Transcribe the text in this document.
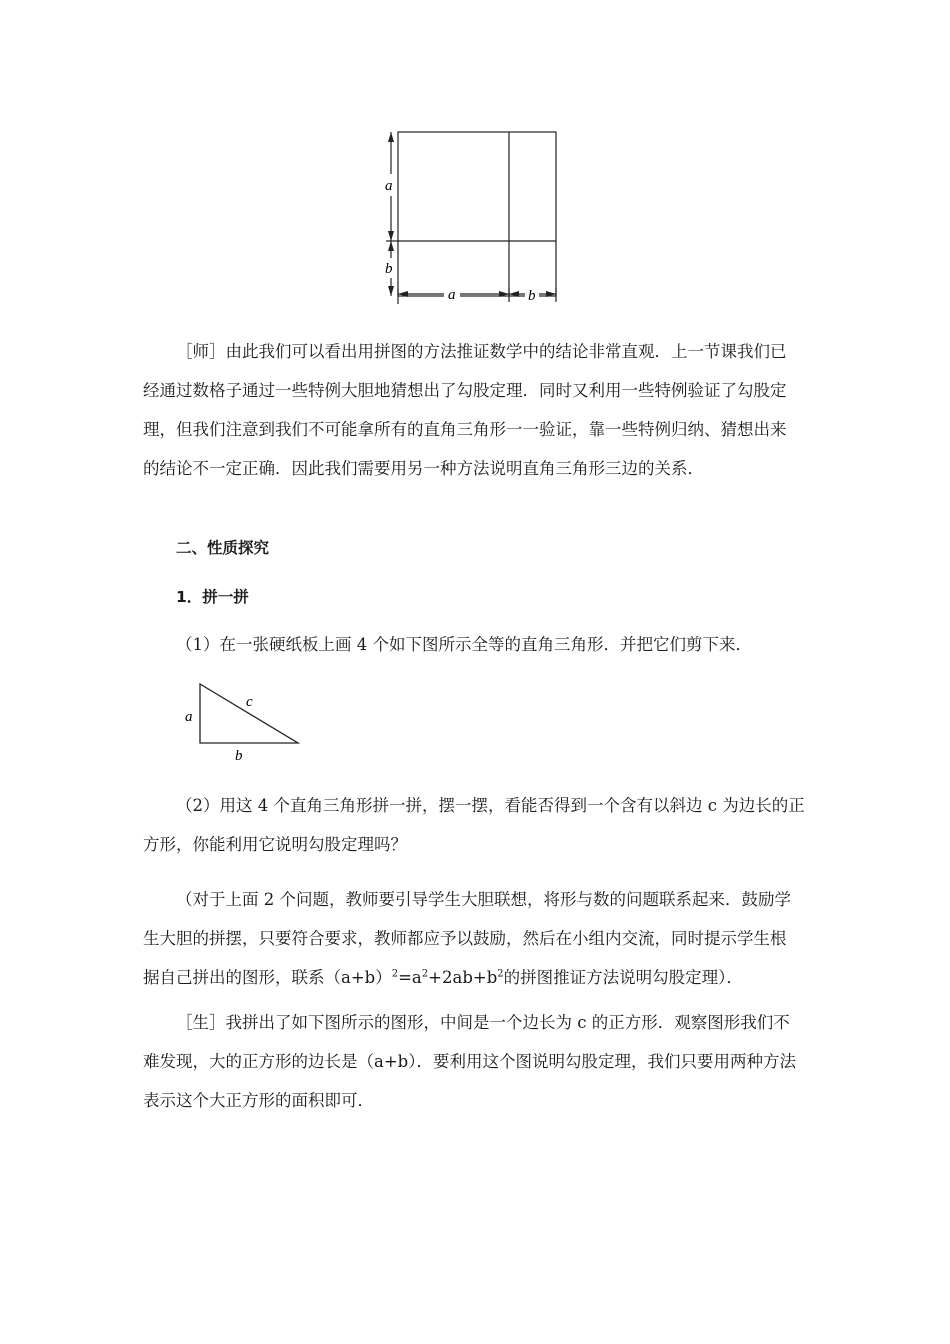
a
b
a	b

［师］由此我们可以看出用拼图的方法推证数学中的结论非常直观．上一节课我们已
经通过数格子通过一些特例大胆地猜想出了勾股定理．同时又利用一些特例验证了勾股定
理，但我们注意到我们不可能拿所有的直角三角形一一验证，靠一些特例归纳、猜想出来
的结论不一定正确．因此我们需要用另一种方法说明直角三角形三边的关系．

二、性质探究
1．拼一拼

（1）在一张硬纸板上画 4 个如下图所示全等的直角三角形．并把它们剪下来．

a
c
b

（2）用这 4 个直角三角形拼一拼，摆一摆，看能否得到一个含有以斜边 c 为边长的正
方形，你能利用它说明勾股定理吗？

（对于上面 2 个问题，教师要引导学生大胆联想，将形与数的问题联系起来．鼓励学
生大胆的拼摆，只要符合要求，教师都应予以鼓励，然后在小组内交流，同时提示学生根
据自己拼出的图形，联系$(a+b)^2=a^2+2ab+b^2$的拼图推证方法说明勾股定理）．

［生］我拼出了如下图所示的图形，中间是一个边长为 c 的正方形．观察图形我们不
难发现，大的正方形的边长是（a+b）．要利用这个图说明勾股定理，我们只要用两种方法
表示这个大正方形的面积即可．
